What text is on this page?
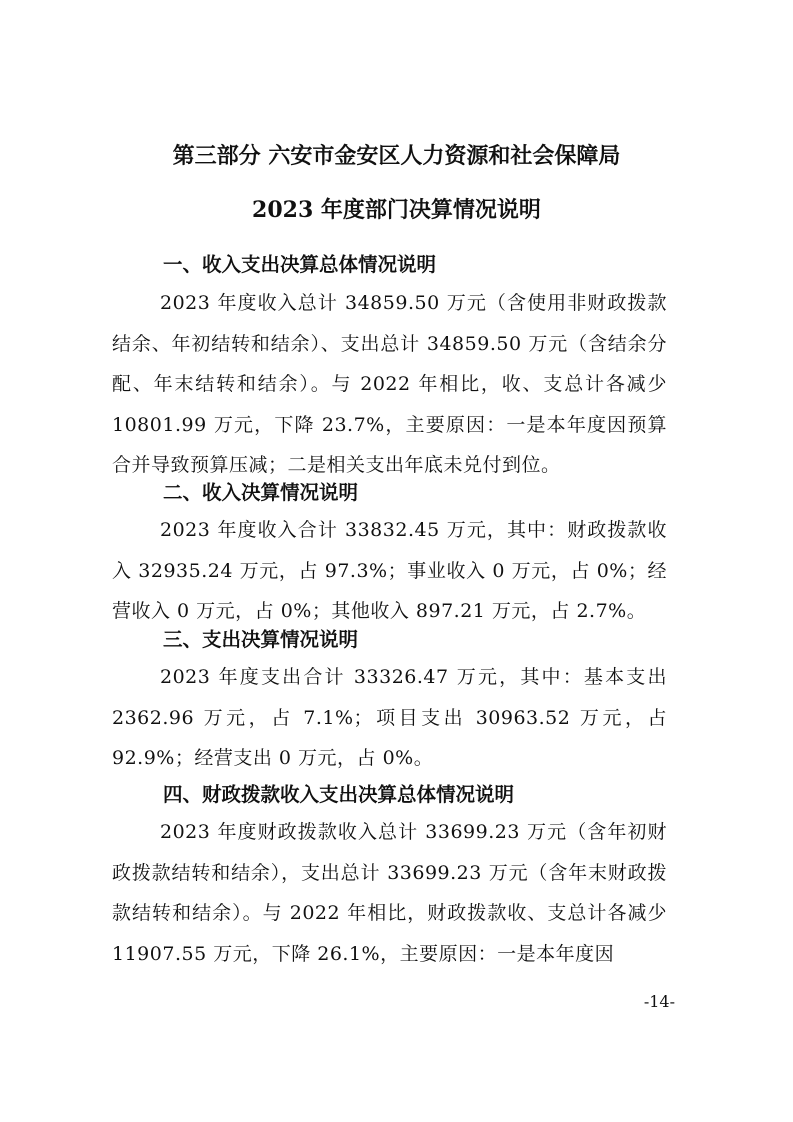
第三部分 六安市金安区人力资源和社会保障局
2023 年度部门决算情况说明
一、收入支出决算总体情况说明
2023 年度收入总计 34859.50 万元（含使用非财政拨款结余、年初结转和结余）、支出总计 34859.50 万元（含结余分配、年末结转和结余）。与 2022 年相比，收、支总计各减少 10801.99 万元，下降 23.7%，主要原因：一是本年度因预算合并导致预算压减；二是相关支出年底未兑付到位。
二、收入决算情况说明
2023 年度收入合计 33832.45 万元，其中：财政拨款收入 32935.24 万元，占 97.3%；事业收入 0 万元，占 0%；经营收入 0 万元，占 0%；其他收入 897.21 万元，占 2.7%。
三、支出决算情况说明
2023 年度支出合计 33326.47 万元，其中：基本支出 2362.96 万元，占 7.1%；项目支出 30963.52 万元，占 92.9%；经营支出 0 万元，占 0%。
四、财政拨款收入支出决算总体情况说明
2023 年度财政拨款收入总计 33699.23 万元（含年初财政拨款结转和结余），支出总计 33699.23 万元（含年末财政拨款结转和结余）。与 2022 年相比，财政拨款收、支总计各减少 11907.55 万元，下降 26.1%，主要原因：一是本年度因
-14-
